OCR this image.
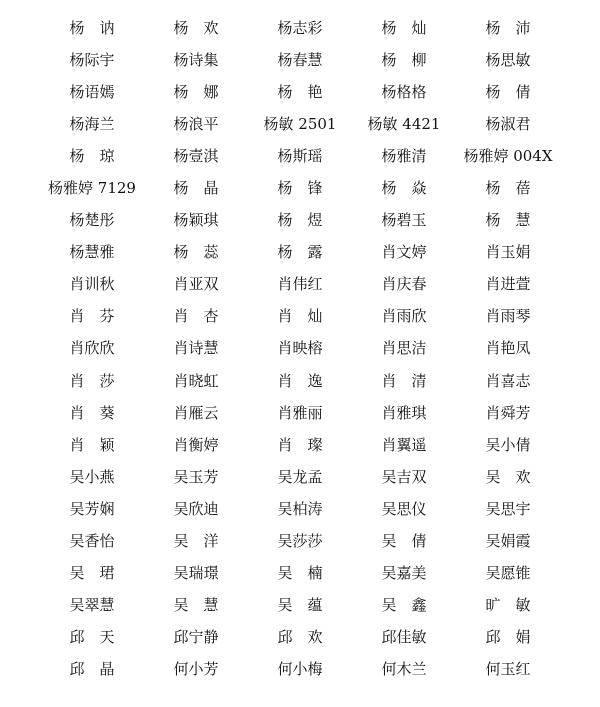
杨　讷	杨　欢	杨志彩	杨　灿	杨　沛
杨际宇	杨诗集	杨春慧	杨　柳	杨思敏
杨语嫣	杨　娜	杨　艳	杨格格	杨　倩
杨海兰	杨浪平	杨敏 2501	杨敏 4421	杨淑君
杨　琼	杨壹淇	杨斯瑶	杨雅清	杨雅婷 004X
杨雅婷 7129	杨　晶	杨　锋	杨　焱	杨　蓓
杨楚彤	杨颖琪	杨　煜	杨碧玉	杨　慧
杨慧雅	杨　蕊	杨　露	肖文婷	肖玉娟
肖训秋	肖亚双	肖伟红	肖庆春	肖进萱
肖　芬	肖　杏	肖　灿	肖雨欣	肖雨琴
肖欣欣	肖诗慧	肖映榕	肖思洁	肖艳凤
肖　莎	肖晓虹	肖　逸	肖　清	肖喜志
肖　葵	肖雁云	肖雅丽	肖雅琪	肖舜芳
肖　颖	肖衡婷	肖　璨	肖翼遥	吴小倩
吴小燕	吴玉芳	吴龙孟	吴吉双	吴　欢
吴芳娴	吴欣迪	吴柏涛	吴思仪	吴思宇
吴香怡	吴　洋	吴莎莎	吴　倩	吴娟霞
吴　珺	吴瑞璟	吴　楠	吴嘉美	吴愿锥
吴翠慧	吴　慧	吴　蕴	吴　鑫	旷　敏
邱　天	邱宁静	邱　欢	邱佳敏	邱　娟
邱　晶	何小芳	何小梅	何木兰	何玉红
